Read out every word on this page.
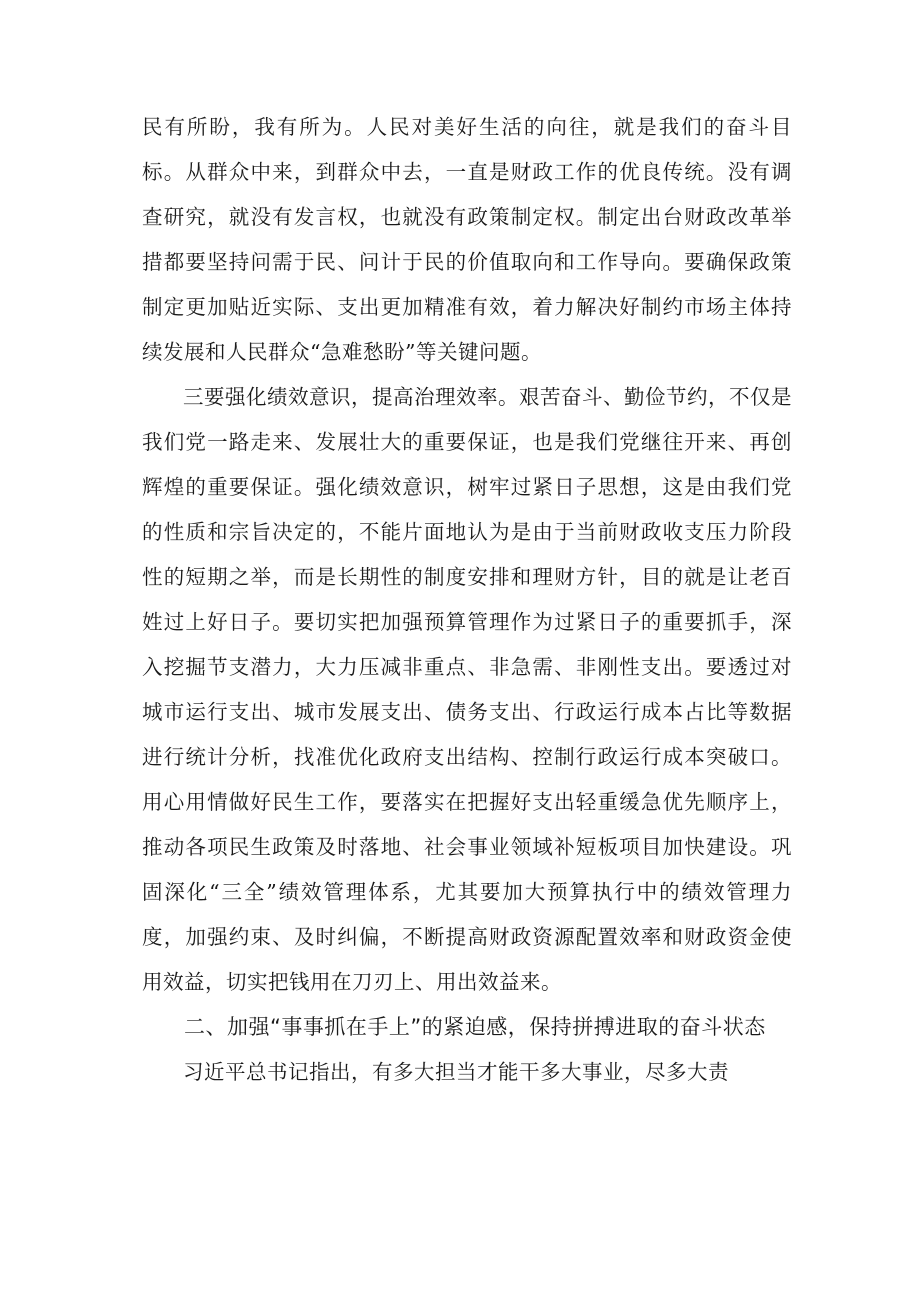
民有所盼，我有所为。人民对美好生活的向往，就是我们的奋斗目标。从群众中来，到群众中去，一直是财政工作的优良传统。没有调查研究，就没有发言权，也就没有政策制定权。制定出台财政改革举措都要坚持问需于民、问计于民的价值取向和工作导向。要确保政策制定更加贴近实际、支出更加精准有效，着力解决好制约市场主体持续发展和人民群众“急难愁盼”等关键问题。

三要强化绩效意识，提高治理效率。艰苦奋斗、勤俭节约，不仅是我们党一路走来、发展壮大的重要保证，也是我们党继往开来、再创辉煌的重要保证。强化绩效意识，树牢过紧日子思想，这是由我们党的性质和宗旨决定的，不能片面地认为是由于当前财政收支压力阶段性的短期之举，而是长期性的制度安排和理财方针，目的就是让老百姓过上好日子。要切实把加强预算管理作为过紧日子的重要抓手，深入挖掘节支潜力，大力压减非重点、非急需、非刚性支出。要透过对城市运行支出、城市发展支出、债务支出、行政运行成本占比等数据进行统计分析，找准优化政府支出结构、控制行政运行成本突破口。用心用情做好民生工作，要落实在把握好支出轻重缓急优先顺序上，推动各项民生政策及时落地、社会事业领域补短板项目加快建设。巩固深化“三全”绩效管理体系，尤其要加大预算执行中的绩效管理力度，加强约束、及时纠偏，不断提高财政资源配置效率和财政资金使用效益，切实把钱用在刀刃上、用出效益来。

二、加强“事事抓在手上”的紧迫感，保持拼搏进取的奋斗状态

习近平总书记指出，有多大担当才能干多大事业，尽多大责
